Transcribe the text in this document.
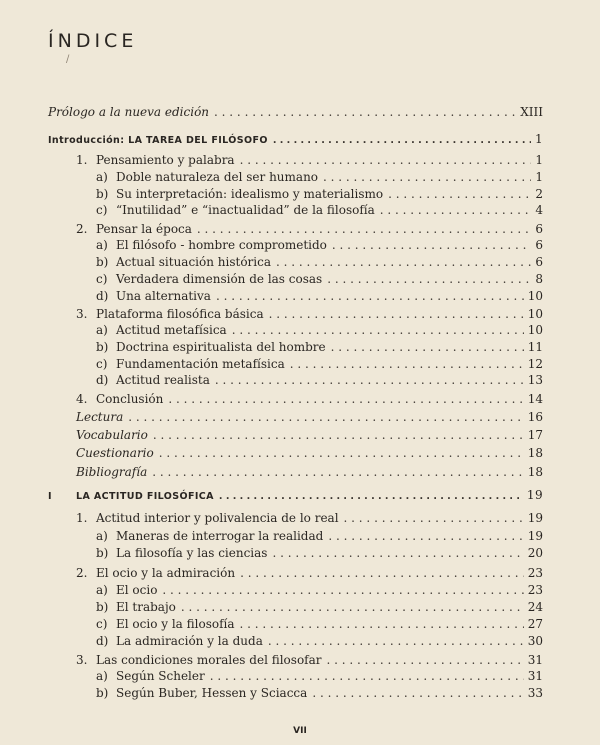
ÍNDICE
/
Prólogo a la nueva edición . . .	XIII
Introducción: LA TAREA DEL FILÓSOFO . . .	1
1. Pensamiento y palabra . . .	1
a) Doble naturaleza del ser humano . . .	1
b) Su interpretación: idealismo y materialismo . . .	2
c) “Inutilidad” e “inactualidad” de la filosofía . . .	4
2. Pensar la época . . .	6
a) El filósofo - hombre comprometido . . .	6
b) Actual situación histórica . . .	6
c) Verdadera dimensión de las cosas . . .	8
d) Una alternativa . . .	10
3. Plataforma filosófica básica . . .	10
a) Actitud metafísica . . .	10
b) Doctrina espiritualista del hombre . . .	11
c) Fundamentación metafísica . . .	12
d) Actitud realista . . .	13
4. Conclusión . . .	14
Lectura . . .	16
Vocabulario . . .	17
Cuestionario . . .	18
Bibliografía . . .	18
I	LA ACTITUD FILOSÓFICA . . .	19
1. Actitud interior y polivalencia de lo real . . .	19
a) Maneras de interrogar la realidad . . .	19
b) La filosofía y las ciencias . . .	20
2. El ocio y la admiración . . .	23
a) El ocio . . .	23
b) El trabajo . . .	24
c) El ocio y la filosofía . . .	27
d) La admiración y la duda . . .	30
3. Las condiciones morales del filosofar . . .	31
a) Según Scheler . . .	31
b) Según Buber, Hessen y Sciacca . . .	33
VII
